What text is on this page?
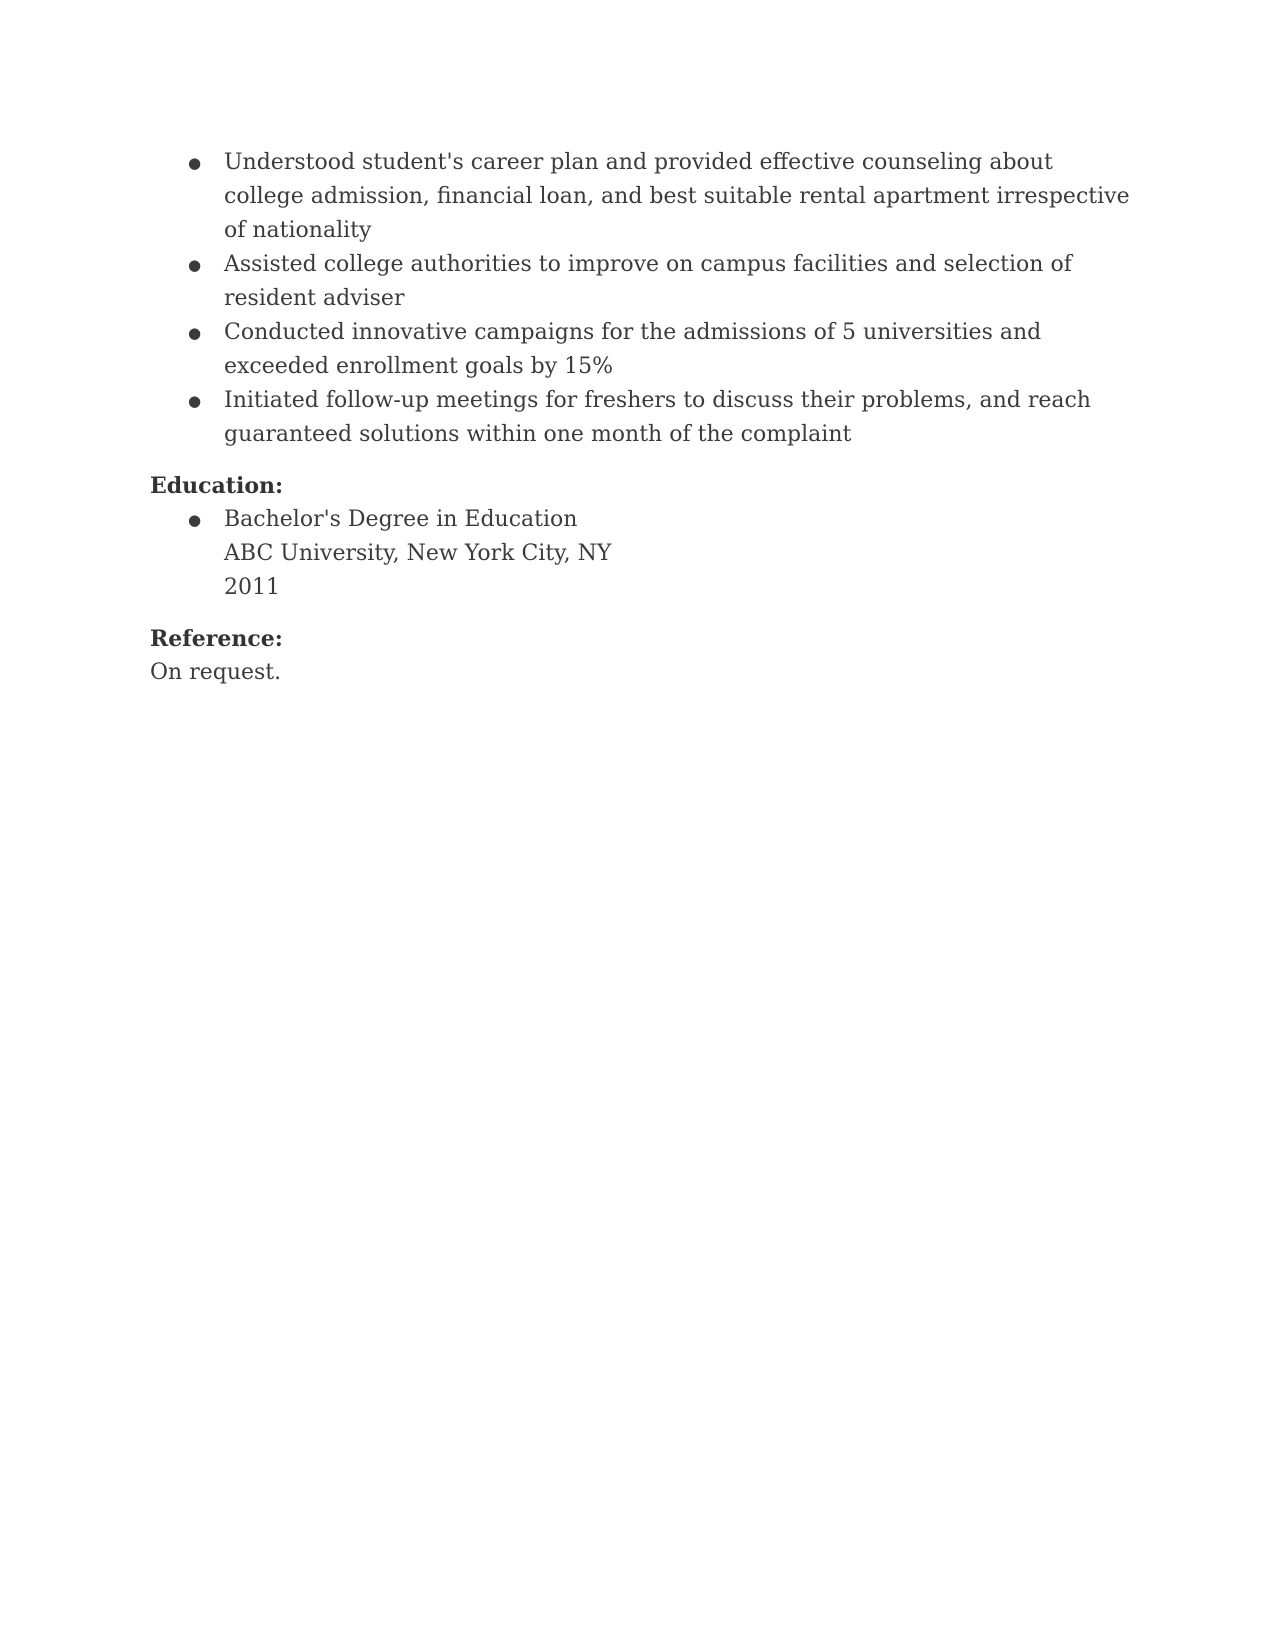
● Understood student's career plan and provided effective counseling about college admission, financial loan, and best suitable rental apartment irrespective of nationality
● Assisted college authorities to improve on campus facilities and selection of resident adviser
● Conducted innovative campaigns for the admissions of 5 universities and exceeded enrollment goals by 15%
● Initiated follow-up meetings for freshers to discuss their problems, and reach guaranteed solutions within one month of the complaint

Education:

● Bachelor's Degree in Education
ABC University, New York City, NY
2011

Reference:

On request.
